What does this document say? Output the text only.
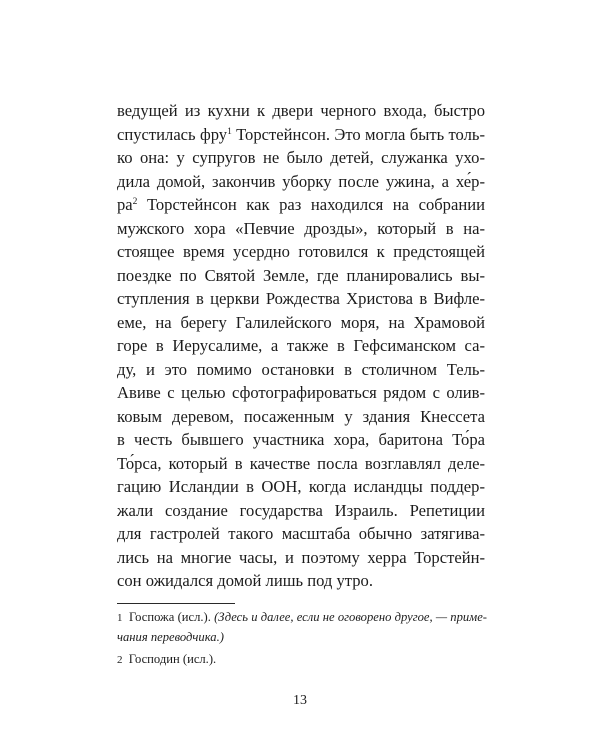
ведущей из кухни к двери черного входа, быстро
спустилась фру$^1$ Торстейнсон. Это могла быть толь-
ко она: у супругов не было детей, служанка ухо-
дила домой, закончив уборку после ужина, а хе́р-
$ра^2$ Торстейнсон как раз находился на собрании
мужского хора «Певчие дрозды», который в на-
стоящее время усердно готовился к предстоящей
поездке по Святой Земле, где планировались вы-
ступления в церкви Рождества Христова в Вифле-
еме, на берегу Галилейского моря, на Храмовой
горе в Иерусалиме, а также в Гефсиманском са-
ду, и это помимо остановки в столичном Тель-
Авиве с целью сфотографироваться рядом с олив-
ковым деревом, посаженным у здания Кнессета
в честь бывшего участника хора, баритона То́ра
То́рса, который в качестве посла возглавлял деле-
гацию Исландии в ООН, когда исландцы поддер-
жали создание государства Израиль. Репетиции
для гастролей такого масштаба обычно затягива-
лись на многие часы, и поэтому херра Торстейн-
сон ожидался домой лишь под утро.
1 Госпожа (исл.). (Здесь и далее, если не оговорено другое, — приме-
чания переводчика.)
2 Господин (исл.).
13
